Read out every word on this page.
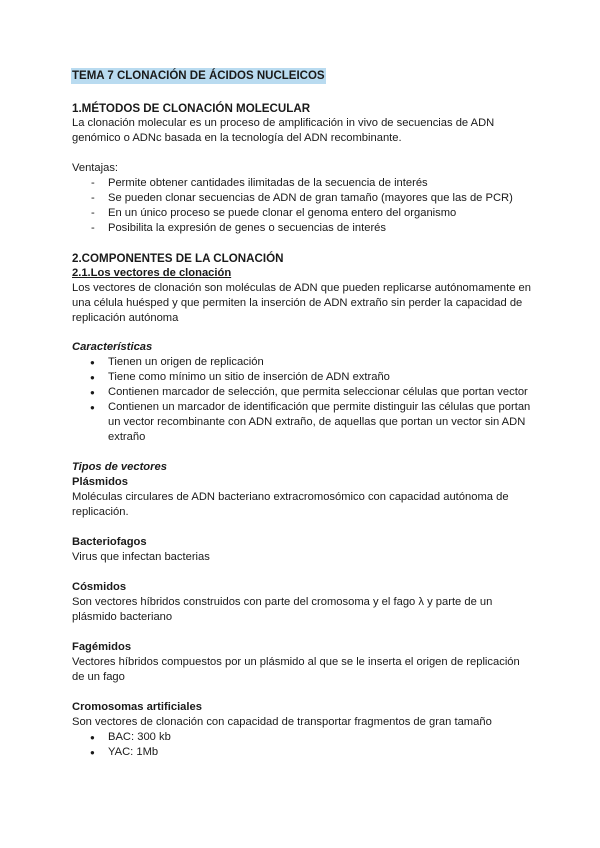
TEMA 7 CLONACIÓN DE ÁCIDOS NUCLEICOS

1.MÉTODOS DE CLONACIÓN MOLECULAR

La clonación molecular es un proceso de amplificación in vivo de secuencias de ADN genómico o ADNc basada en la tecnología del ADN recombinante.

Ventajas:

- Permite obtener cantidades ilimitadas de la secuencia de interés
- Se pueden clonar secuencias de ADN de gran tamaño (mayores que las de PCR)
- En un único proceso se puede clonar el genoma entero del organismo
- Posibilita la expresión de genes o secuencias de interés

2.COMPONENTES DE LA CLONACIÓN

2.1.Los vectores de clonación

Los vectores de clonación son moléculas de ADN que pueden replicarse autónomamente en una célula huésped y que permiten la inserción de ADN extraño sin perder la capacidad de replicación autónoma

Características

● Tienen un origen de replicación
● Tiene como mínimo un sitio de inserción de ADN extraño
● Contienen marcador de selección, que permita seleccionar células que portan vector
● Contienen un marcador de identificación que permite distinguir las células que portan un vector recombinante con ADN extraño, de aquellas que portan un vector sin ADN extraño

Tipos de vectores

Plásmidos

Moléculas circulares de ADN bacteriano extracromosómico con capacidad autónoma de replicación.

Bacteriofagos

Virus que infectan bacterias

Cósmidos

Son vectores híbridos construidos con parte del cromosoma y el fago λ y parte de un plásmido bacteriano

Fagémidos

Vectores híbridos compuestos por un plásmido al que se le inserta el origen de replicación de un fago

Cromosomas artificiales

Son vectores de clonación con capacidad de transportar fragmentos de gran tamaño

● BAC: 300 kb
● YAC: 1Mb
